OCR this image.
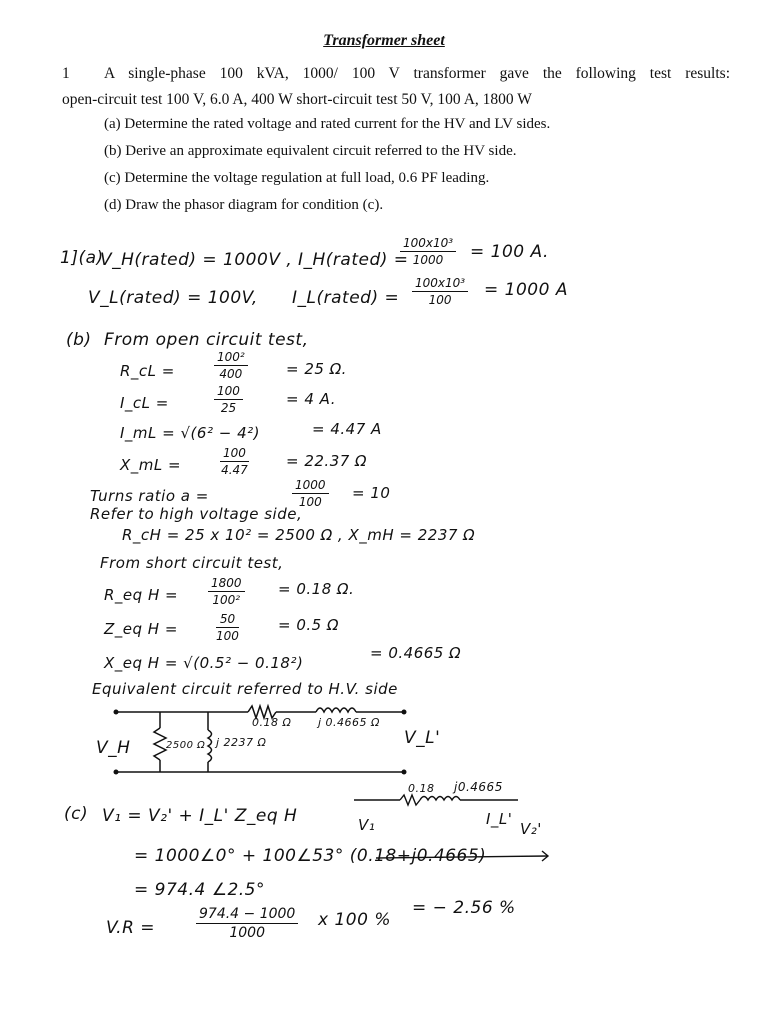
Transformer sheet
1 A single-phase 100 kVA, 1000/ 100 V transformer gave the following test results:
open-circuit test 100 V, 6.0 A, 400 W short-circuit test 50 V, 100 A, 1800 W
(a) Determine the rated voltage and rated current for the HV and LV sides.
(b) Derive an approximate equivalent circuit referred to the HV side.
(c) Determine the voltage regulation at full load, 0.6 PF leading.
(d) Draw the phasor diagram for condition (c).
1](a)
V_H(rated) = 1000V , I_H(rated) =
$\frac{\text{100x10³}}{1000} = 100$ A.
V_L(rated) = 100V, I_L(rated) = $\frac{\text{100x10³}}{100} = 1000$ A
(b) From open circuit test,
R_cL =	$\frac{\text{100²}}{400}$	= 25 Ω.
I_cL =	$\frac{100}{25}$	= 4 A.
I_mL = √(6² − 4²)	= 4.47 A
X_mL =	$\frac{100}{4.47} = 22.37$ Ω
Turns ratio a =	$\frac{1000}{100} = 10$
Refer to high voltage side,
R_cH = 25 x 10² = 2500 Ω , X_mH = 2237 Ω
From short circuit test,
R_eq $H = \frac{1800}{\text{100²}} = 0.18$ Ω.
Z_eq H =	$\frac{50}{100}$	= 0.5 Ω
X_eq H = √(0.5² − 0.18²)
= 0.4665 Ω
Equivalent circuit referred to H.V. side
0.18 Ω j 0.4665 Ω
V_H	V_L'
2500 Ω j 2237 Ω
(c) V₁ = V₂' + I_L' Z_eq H
= 1000∠0° + 100∠53° (0.18+j0.4665)
= 974.4 ∠2.5°
0.18 j0.4665
V₁	I_L'
V₂'
V.R =	$\frac{974.4 - 1000}{1000}$ x 100 %
= − 2.56 %
